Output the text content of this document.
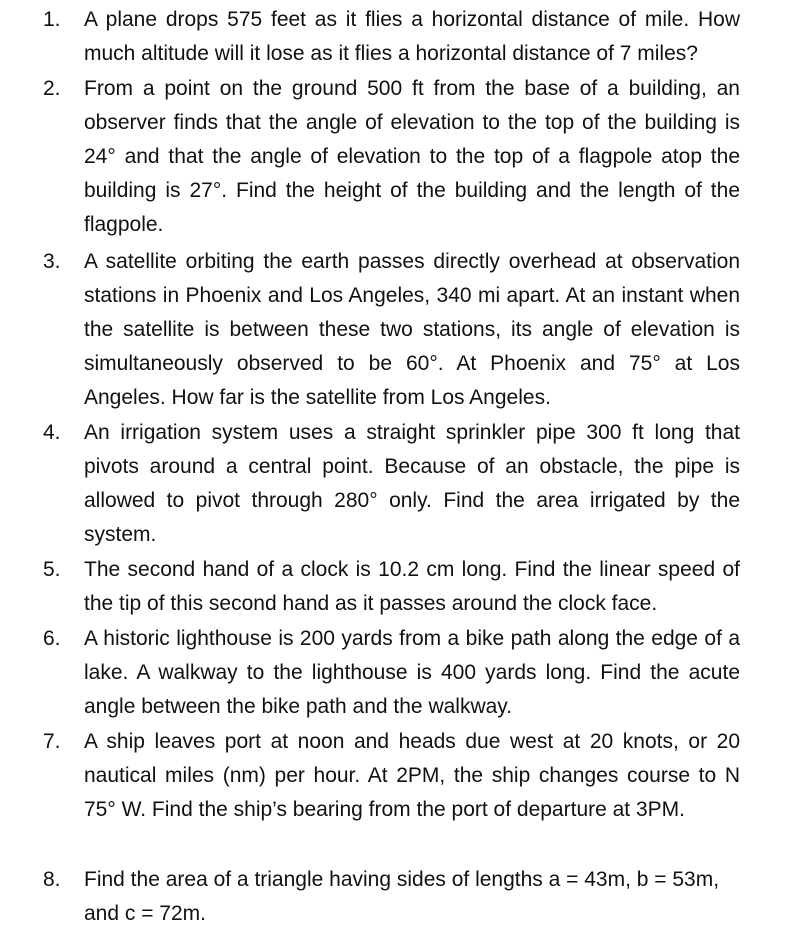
1.	A plane drops 575 feet as it flies a horizontal distance of mile. How much altitude will it lose as it flies a horizontal distance of 7 miles?
2.	From a point on the ground 500 ft from the base of a building, an observer finds that the angle of elevation to the top of the building is 24° and that the angle of elevation to the top of a flagpole atop the building is 27°. Find the height of the building and the length of the flagpole.
3.	A satellite orbiting the earth passes directly overhead at observation stations in Phoenix and Los Angeles, 340 mi apart. At an instant when the satellite is between these two stations, its angle of elevation is simultaneously observed to be 60°. At Phoenix and 75° at Los Angeles. How far is the satellite from Los Angeles.
4.	An irrigation system uses a straight sprinkler pipe 300 ft long that pivots around a central point. Because of an obstacle, the pipe is allowed to pivot through 280° only. Find the area irrigated by the system.
5.	The second hand of a clock is 10.2 cm long. Find the linear speed of the tip of this second hand as it passes around the clock face.
6.	A historic lighthouse is 200 yards from a bike path along the edge of a lake. A walkway to the lighthouse is 400 yards long. Find the acute angle between the bike path and the walkway.
7.	A ship leaves port at noon and heads due west at 20 knots, or 20 nautical miles (nm) per hour. At 2PM, the ship changes course to N 75° W. Find the ship’s bearing from the port of departure at 3PM.
8.	Find the area of a triangle having sides of lengths a = 43m, b = 53m, and c = 72m.
